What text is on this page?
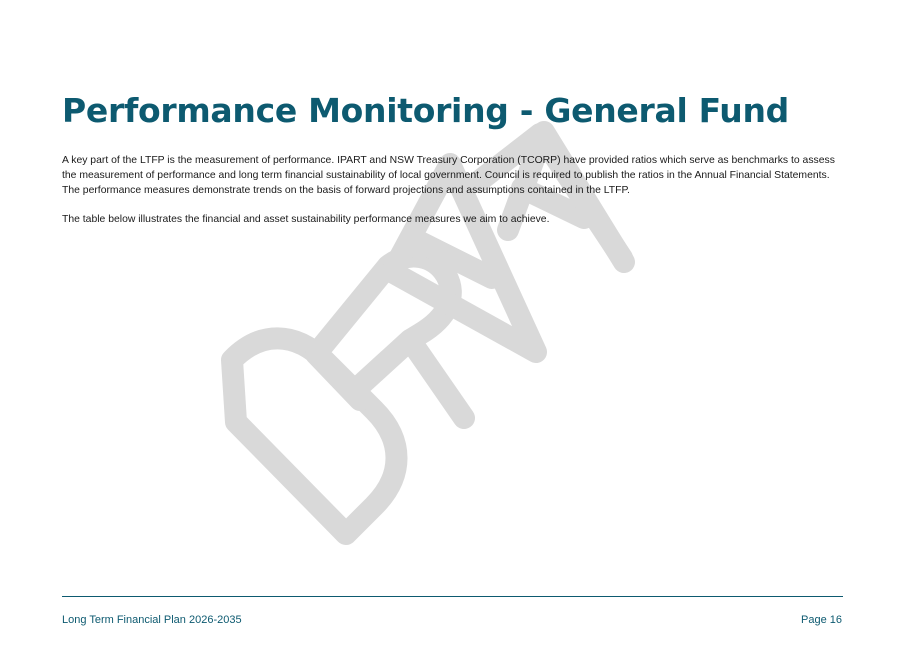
Performance Monitoring - General Fund

A key part of the LTFP is the measurement of performance. IPART and NSW Treasury Corporation (TCORP) have provided ratios which serve as benchmarks to assess the measurement of performance and long term financial sustainability of local government. Council is required to publish the ratios in the Annual Financial Statements. The performance measures demonstrate trends on the basis of forward projections and assumptions contained in the LTFP.

The table below illustrates the financial and asset sustainability performance measures we aim to achieve.

Long Term Financial Plan 2026-2035	Page 16
